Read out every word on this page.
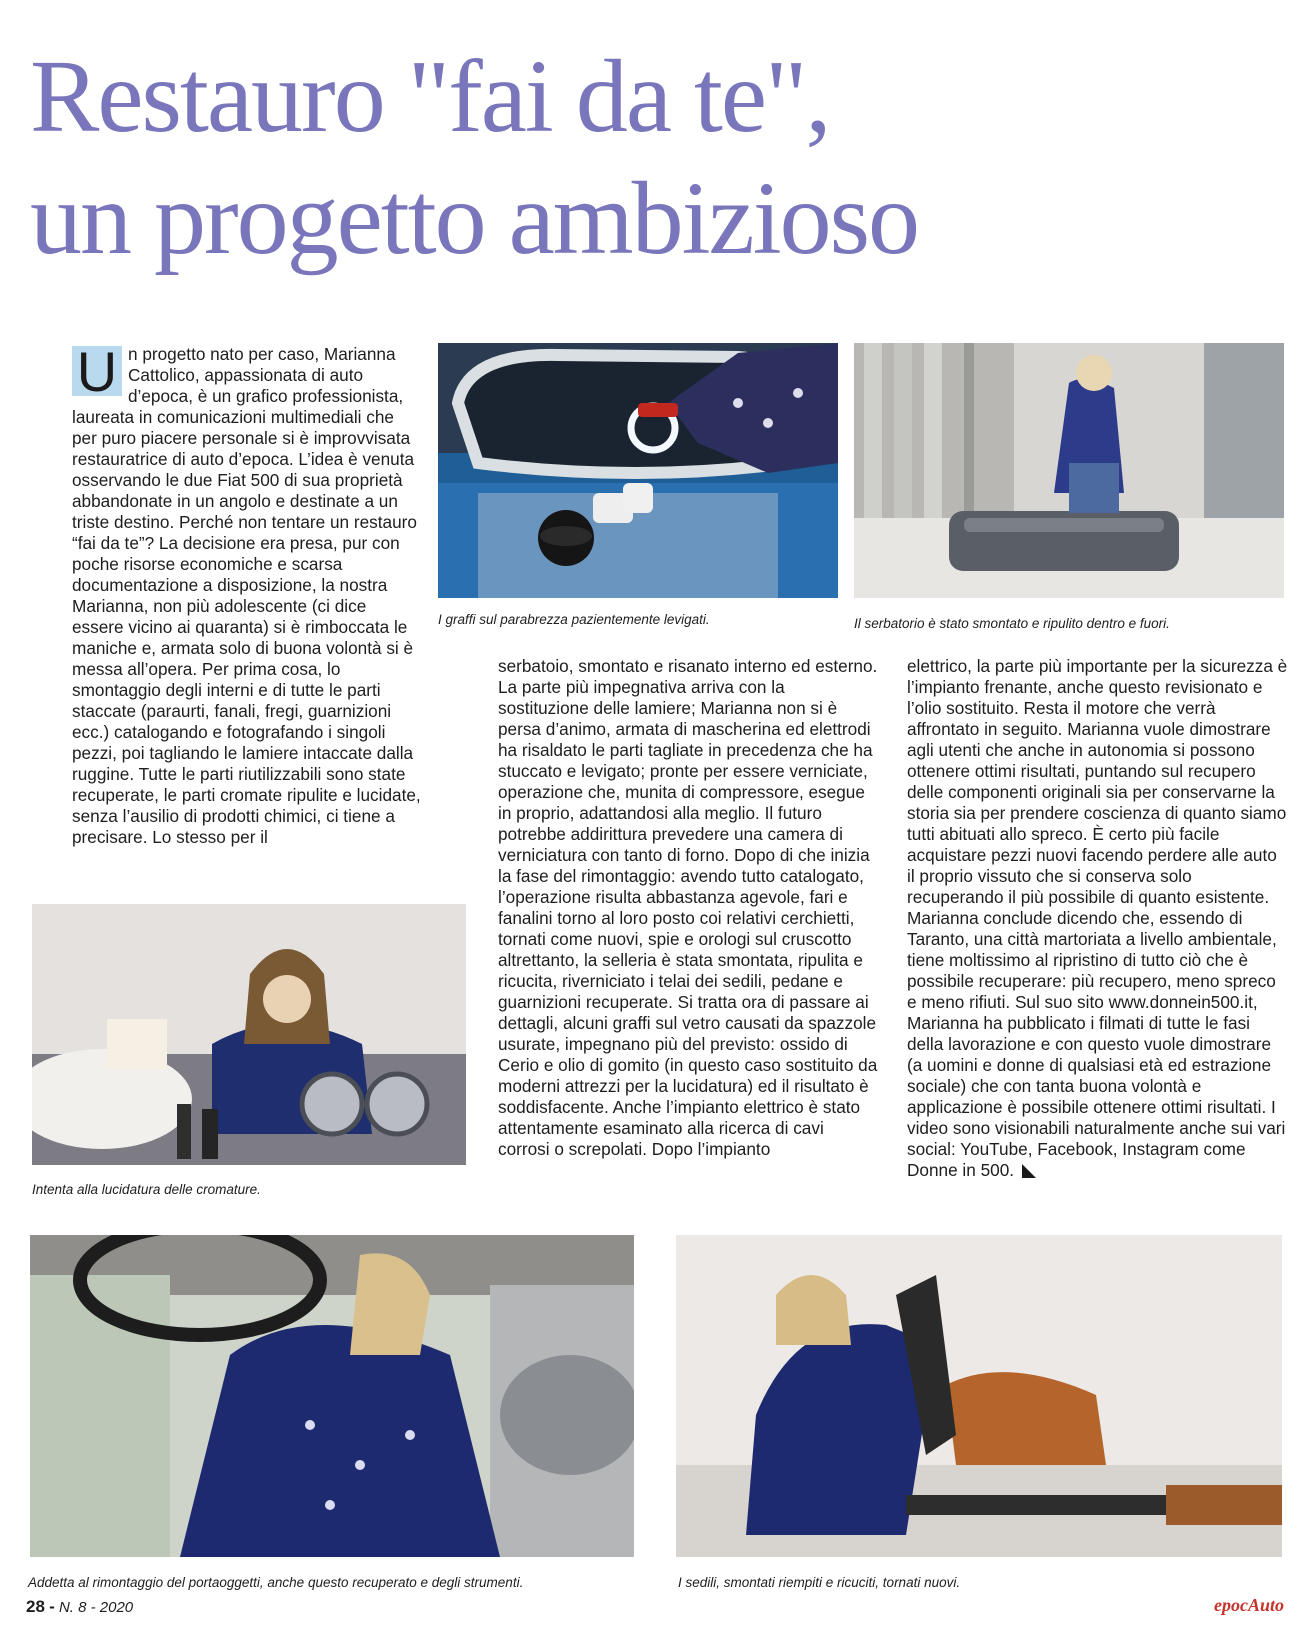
Restauro "fai da te",
un progetto ambizioso

U n progetto nato per caso, Marianna Cattolico, appassionata di auto d’epoca, è un grafico professionista, laureata in comunicazioni multimediali che per puro piacere personale si è improvvisata restauratrice di auto d’epoca. L’idea è venuta osservando le due Fiat 500 di sua proprietà abbandonate in un angolo e destinate a un triste destino. Perché non tentare un restauro “fai da te”? La decisione era presa, pur con poche risorse economiche e scarsa documentazione a disposizione, la nostra Marianna, non più adolescente (ci dice essere vicino ai quaranta) si è rimboccata le maniche e, armata solo di buona volontà si è messa all’opera. Per prima cosa, lo smontaggio degli interni e di tutte le parti staccate (paraurti, fanali, fregi, guarnizioni ecc.) catalogando e fotografando i singoli pezzi, poi tagliando le lamiere intaccate dalla ruggine. Tutte le parti riutilizzabili sono state recuperate, le parti cromate ripulite e lucidate, senza l’ausilio di prodotti chimici, ci tiene a precisare. Lo stesso per il

I graffi sul parabrezza pazientemente levigati.	Il serbatorio è stato smontato e ripulito dentro e fuori.

serbatoio, smontato e risanato interno ed esterno. La parte più impegnativa arriva con la sostituzione delle lamiere; Marianna non si è persa d’animo, armata di mascherina ed elettrodi ha risaldato le parti tagliate in precedenza che ha stuccato e levigato; pronte per essere verniciate, operazione che, munita di compressore, esegue in proprio, adattandosi alla meglio. Il futuro potrebbe addirittura prevedere una camera di verniciatura con tanto di forno. Dopo di che inizia la fase del rimontaggio: avendo tutto catalogato, l’operazione risulta abbastanza agevole, fari e fanalini torno al loro posto coi relativi cerchietti, tornati come nuovi, spie e orologi sul cruscotto altrettanto, la selleria è stata smontata, ripulita e ricucita, riverniciato i telai dei sedili, pedane e guarnizioni recuperate. Si tratta ora di passare ai dettagli, alcuni graffi sul vetro causati da spazzole usurate, impegnano più del previsto: ossido di Cerio e olio di gomito (in questo caso sostituito da moderni attrezzi per la lucidatura) ed il risultato è soddisfacente. Anche l’impianto elettrico è stato attentamente esaminato alla ricerca di cavi corrosi o screpolati. Dopo l’impianto

elettrico, la parte più importante per la sicurezza è l’impianto frenante, anche questo revisionato e l’olio sostituito. Resta il motore che verrà affrontato in seguito. Marianna vuole dimostrare agli utenti che anche in autonomia si possono ottenere ottimi risultati, puntando sul recupero delle componenti originali sia per conservarne la storia sia per prendere coscienza di quanto siamo tutti abituati allo spreco. È certo più facile acquistare pezzi nuovi facendo perdere alle auto il proprio vissuto che si conserva solo recuperando il più possibile di quanto esistente. Marianna conclude dicendo che, essendo di Taranto, una città martoriata a livello ambientale, tiene moltissimo al ripristino di tutto ciò che è possibile recuperare: più recupero, meno spreco e meno rifiuti. Sul suo sito www.donnein500.it, Marianna ha pubblicato i filmati di tutte le fasi della lavorazione e con questo vuole dimostrare (a uomini e donne di qualsiasi età ed estrazione sociale) che con tanta buona volontà e applicazione è possibile ottenere ottimi risultati. I video sono visionabili naturalmente anche sui vari social: YouTube, Facebook, Instagram come Donne in 500.

Intenta alla lucidatura delle cromature.
Addetta al rimontaggio del portaoggetti, anche questo recuperato e degli strumenti.	I sedili, smontati riempiti e ricuciti, tornati nuovi.
28 - N. 8 - 2020	epocAuto
